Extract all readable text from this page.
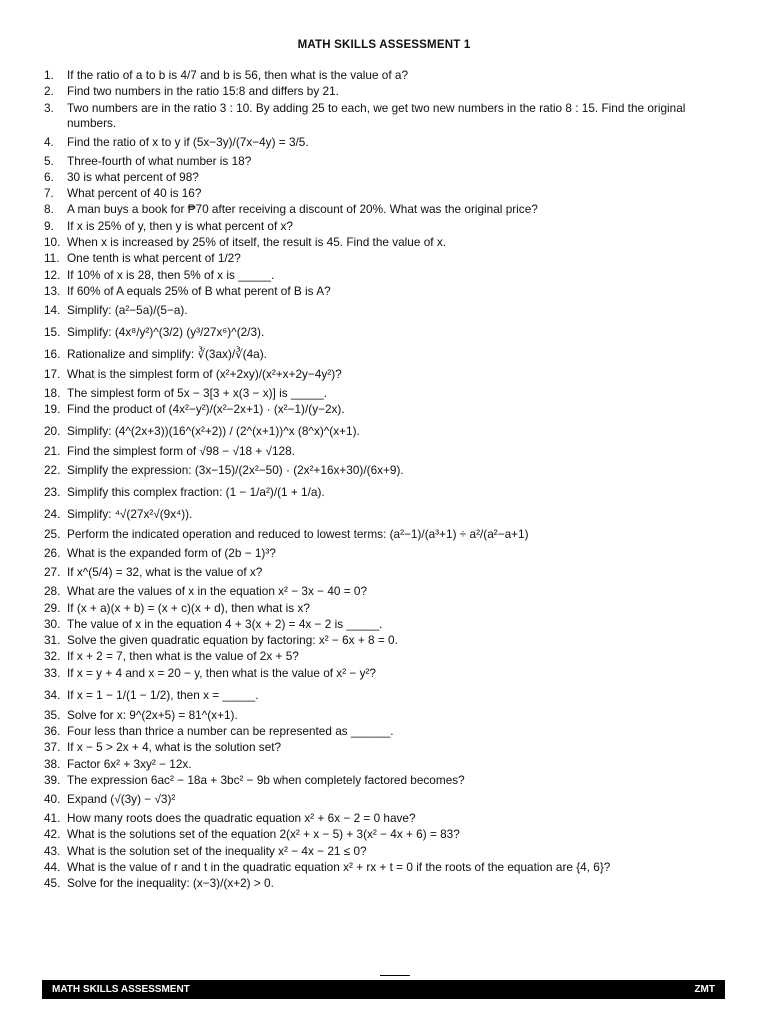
MATH SKILLS ASSESSMENT 1
1.	If the ratio of a to b is 4/7 and b is 56, then what is the value of a?
2.	Find two numbers in the ratio 15:8 and differs by 21.
3.	Two numbers are in the ratio 3 : 10. By adding 25 to each, we get two new numbers in the ratio 8 : 15. Find the original numbers.
4.	Find the ratio of x to y if (5x−3y)/(7x−4y) = 3/5.
5.	Three-fourth of what number is 18?
6.	30 is what percent of 98?
7.	What percent of 40 is 16?
8.	A man buys a book for ₱70 after receiving a discount of 20%. What was the original price?
9.	If x is 25% of y, then y is what percent of x?
10. When x is increased by 25% of itself, the result is 45. Find the value of x.
11. One tenth is what percent of 1/2?
12. If 10% of x is 28, then 5% of x is _____.
13. If 60% of A equals 25% of B what perent of B is A?
14. Simplify: (a²−5a)/(5−a).
15. Simplify: (4x⁸/y²)^(3/2) (y³/27x⁶)^(2/3).
16. Rationalize and simplify: ∛(3ax)/∛(4a).
17. What is the simplest form of (x²+2xy)/(x²+x+2y−4y²)?
18. The simplest form of 5x − 3[3 + x(3 − x)] is _____.
19. Find the product of (4x²−y²)/(x²−2x+1) · (x²−1)/(y−2x).
20. Simplify: (4^(2x+3))(16^(x²+2)) / (2^(x+1))^x (8^x)^(x+1).
21. Find the simplest form of √98 − √18 + √128.
22. Simplify the expression: (3x−15)/(2x²−50) · (2x²+16x+30)/(6x+9).
23. Simplify this complex fraction: (1 − 1/a²)/(1 + 1/a).
24. Simplify: ⁴√(27x²√(9x⁴)).
25. Perform the indicated operation and reduced to lowest terms: (a²−1)/(a³+1) ÷ a²/(a²−a+1)
26. What is the expanded form of (2b − 1)³?
27. If x^(5/4) = 32, what is the value of x?
28. What are the values of x in the equation x² − 3x − 40 = 0?
29. If (x + a)(x + b) = (x + c)(x + d), then what is x?
30. The value of x in the equation 4 + 3(x + 2) = 4x − 2 is _____.
31. Solve the given quadratic equation by factoring: x² − 6x + 8 = 0.
32. If x + 2 = 7, then what is the value of 2x + 5?
33. If x = y + 4 and x = 20 − y, then what is the value of x² − y²?
34. If x = 1 − 1/(1 − 1/2), then x = _____.
35. Solve for x: 9^(2x+5) = 81^(x+1).
36. Four less than thrice a number can be represented as ______.
37. If x − 5 > 2x + 4, what is the solution set?
38. Factor 6x² + 3xy² − 12x.
39. The expression 6ac² − 18a + 3bc² − 9b when completely factored becomes?
40. Expand (√(3y) − √3)²
41. How many roots does the quadratic equation x² + 6x − 2 = 0 have?
42. What is the solutions set of the equation 2(x² + x − 5) + 3(x² − 4x + 6) = 83?
43. What is the solution set of the inequality x² − 4x − 21 ≤ 0?
44. What is the value of r and t in the quadratic equation x² + rx + t = 0 if the roots of the equation are {4, 6}?
45. Solve for the inequality: (x−3)/(x+2) > 0.
MATH SKILLS ASSESSMENT	ZMT
